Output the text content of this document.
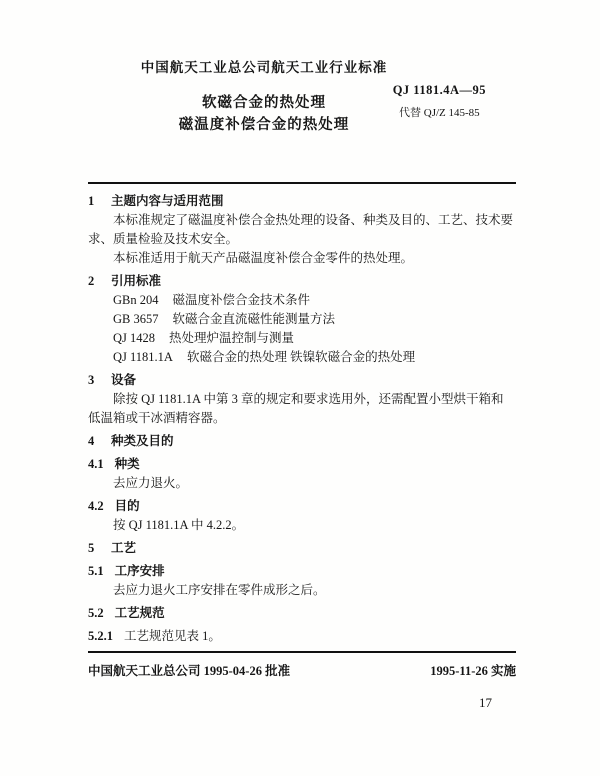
中国航天工业总公司航天工业行业标准
QJ 1181.4A—95
代替 QJ/Z 145-85
软磁合金的热处理
磁温度补偿合金的热处理
1 主题内容与适用范围

本标准规定了磁温度补偿合金热处理的设备、种类及目的、工艺、技术要求、质量检验及技术安全。

本标准适用于航天产品磁温度补偿合金零件的热处理。

2 引用标准
GBn 204 磁温度补偿合金技术条件
GB 3657 软磁合金直流磁性能测量方法
QJ 1428 热处理炉温控制与测量
QJ 1181.1A 软磁合金的热处理 铁镍软磁合金的热处理
3 设备

除按 QJ 1181.1A 中第 3 章的规定和要求选用外，还需配置小型烘干箱和低温箱或干冰酒精容器。

4 种类及目的
4.1 种类

去应力退火。

4.2 目的

按 QJ 1181.1A 中 4.2.2。

5 工艺
5.1 工序安排

去应力退火工序安排在零件成形之后。

5.2 工艺规范
5.2.1 工艺规范见表 1。
中国航天工业总公司 1995-04-26 批准	1995-11-26 实施
17
